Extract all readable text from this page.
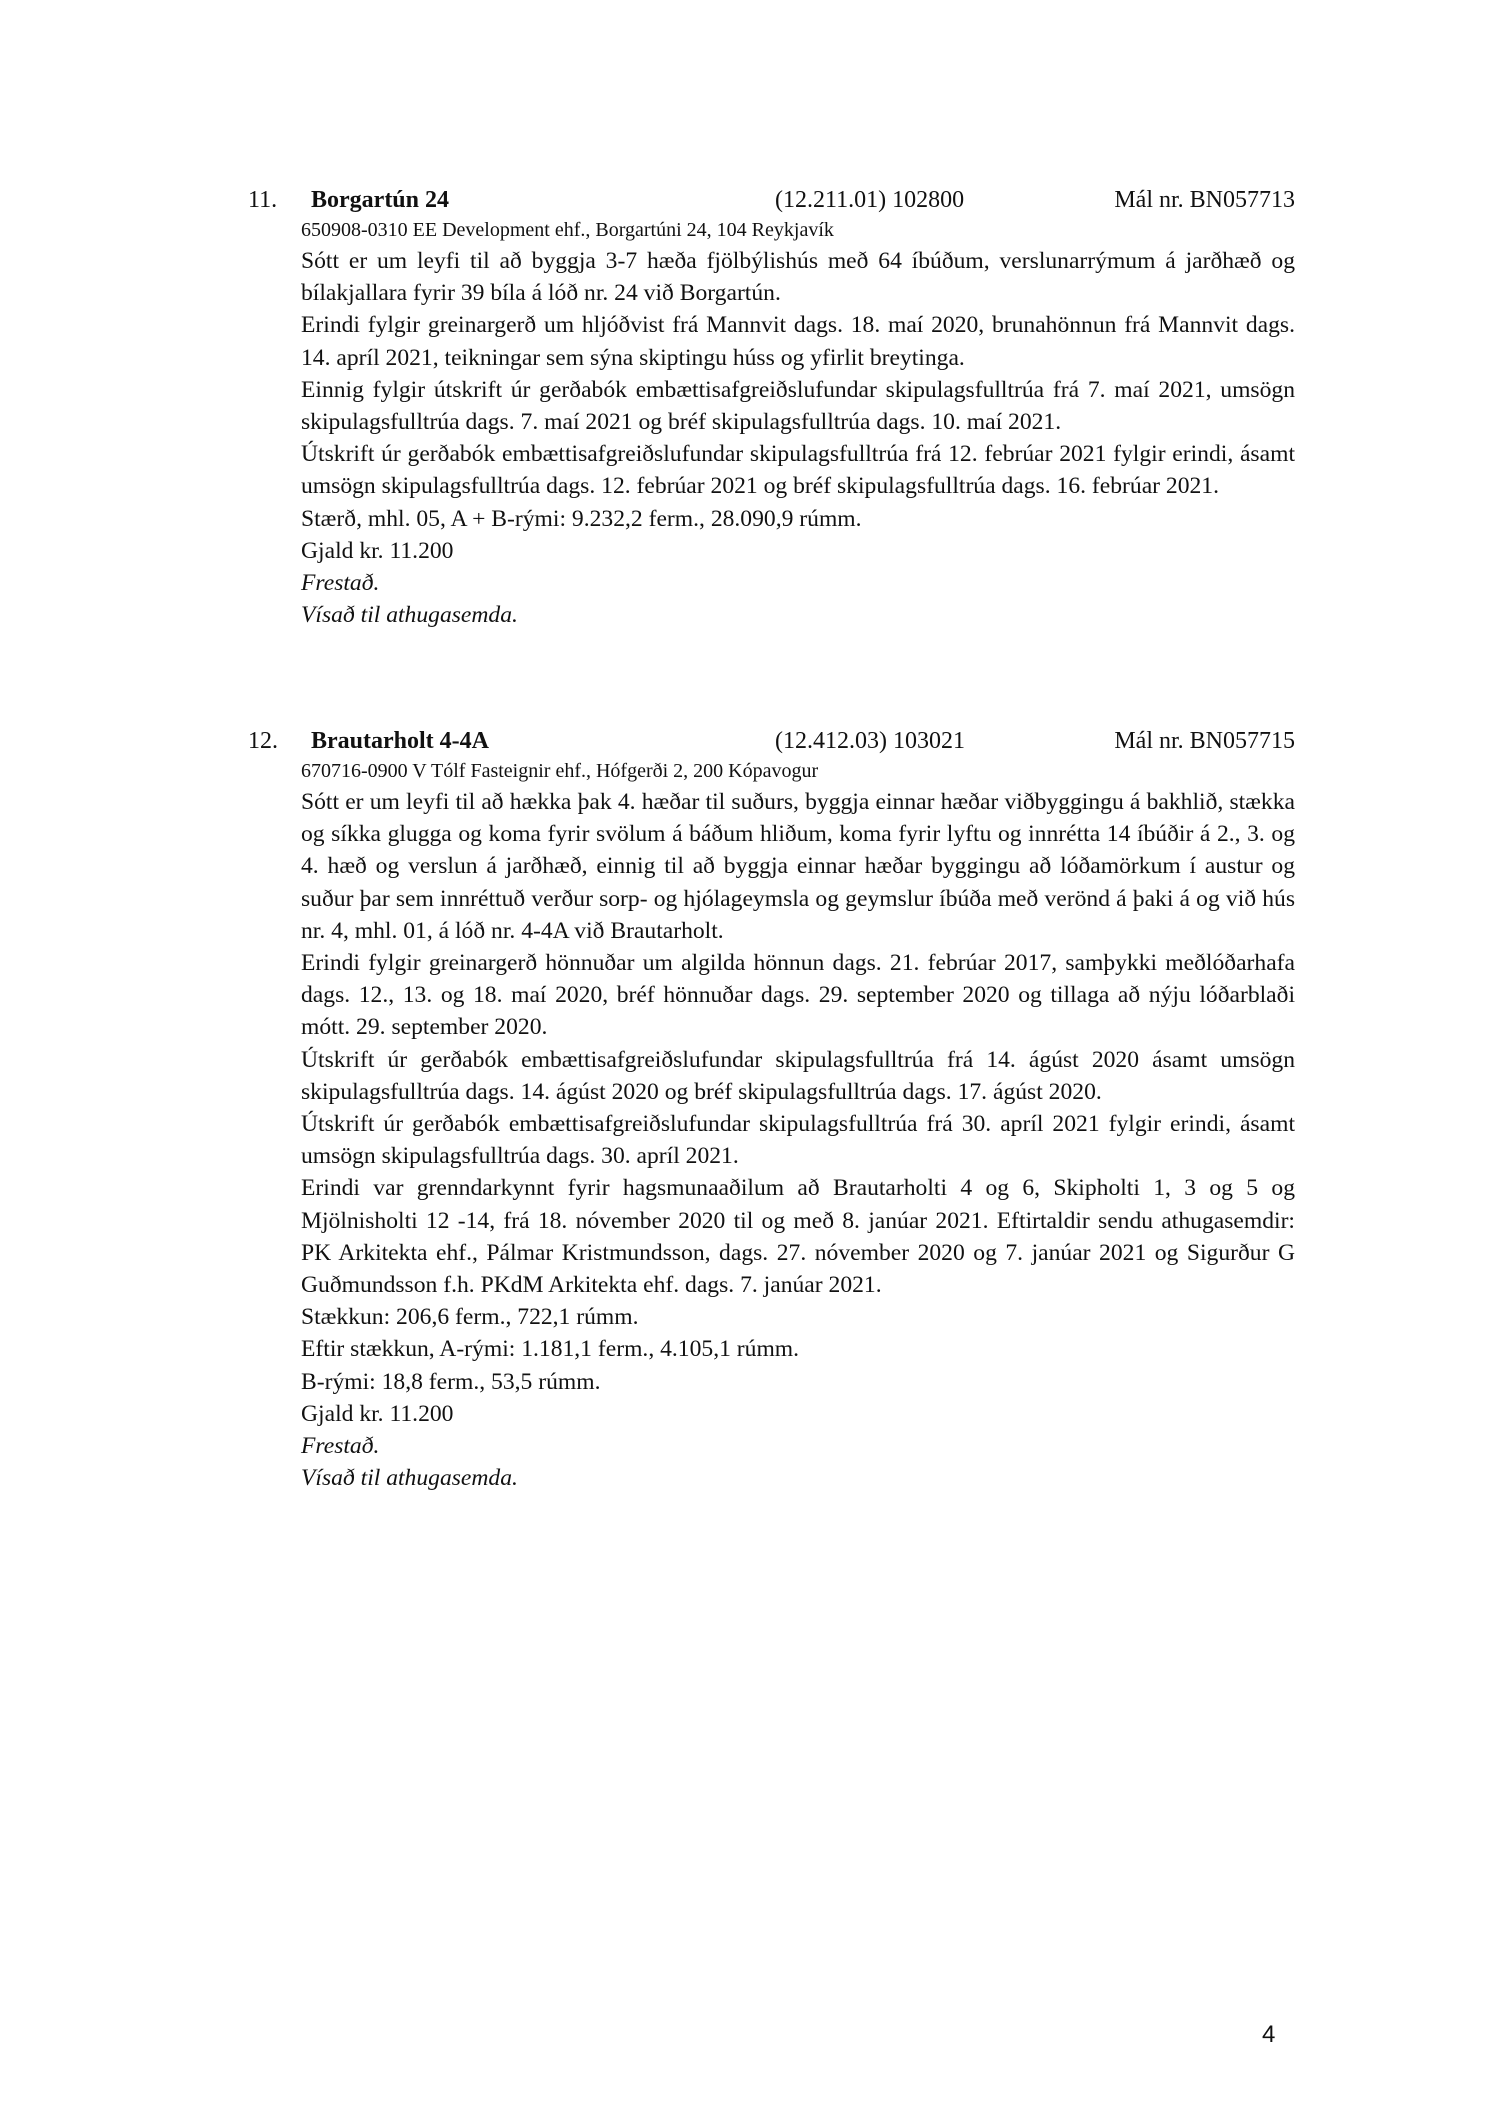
11. Borgartún 24	(12.211.01) 102800	Mál nr. BN057713
650908-0310 EE Development ehf., Borgartúni 24, 104 Reykjavík

Sótt er um leyfi til að byggja 3-7 hæða fjölbýlishús með 64 íbúðum, verslunarrýmum á jarðhæð og bílakjallara fyrir 39 bíla á lóð nr. 24 við Borgartún.

Erindi fylgir greinargerð um hljóðvist frá Mannvit dags. 18. maí 2020, brunahönnun frá Mannvit dags. 14. apríl 2021, teikningar sem sýna skiptingu húss og yfirlit breytinga.

Einnig fylgir útskrift úr gerðabók embættisafgreiðslufundar skipulagsfulltrúa frá 7. maí 2021, umsögn skipulagsfulltrúa dags. 7. maí 2021 og bréf skipulagsfulltrúa dags. 10. maí 2021.

Útskrift úr gerðabók embættisafgreiðslufundar skipulagsfulltrúa frá 12. febrúar 2021 fylgir erindi, ásamt umsögn skipulagsfulltrúa dags. 12. febrúar 2021 og bréf skipulagsfulltrúa dags. 16. febrúar 2021.

Stærð, mhl. 05, A + B-rými: 9.232,2 ferm., 28.090,9 rúmm.

Gjald kr. 11.200

Frestað.

Vísað til athugasemda.

12. Brautarholt 4-4A	(12.412.03) 103021	Mál nr. BN057715
670716-0900 V Tólf Fasteignir ehf., Hófgerði 2, 200 Kópavogur

Sótt er um leyfi til að hækka þak 4. hæðar til suðurs, byggja einnar hæðar viðbyggingu á bakhlið, stækka og síkka glugga og koma fyrir svölum á báðum hliðum, koma fyrir lyftu og innrétta 14 íbúðir á 2., 3. og 4. hæð og verslun á jarðhæð, einnig til að byggja einnar hæðar byggingu að lóðamörkum í austur og suður þar sem innréttuð verður sorp- og hjólageymsla og geymslur íbúða með verönd á þaki á og við hús nr. 4, mhl. 01, á lóð nr. 4-4A við Brautarholt.

Erindi fylgir greinargerð hönnuðar um algilda hönnun dags. 21. febrúar 2017, samþykki meðlóðarhafa dags. 12., 13. og 18. maí 2020, bréf hönnuðar dags. 29. september 2020 og tillaga að nýju lóðarblaði mótt. 29. september 2020.

Útskrift úr gerðabók embættisafgreiðslufundar skipulagsfulltrúa frá 14. ágúst 2020 ásamt umsögn skipulagsfulltrúa dags. 14. ágúst 2020 og bréf skipulagsfulltrúa dags. 17. ágúst 2020.

Útskrift úr gerðabók embættisafgreiðslufundar skipulagsfulltrúa frá 30. apríl 2021 fylgir erindi, ásamt umsögn skipulagsfulltrúa dags. 30. apríl 2021.

Erindi var grenndarkynnt fyrir hagsmunaaðilum að Brautarholti 4 og 6, Skipholti 1, 3 og 5 og Mjölnisholti 12 -14, frá 18. nóvember 2020 til og með 8. janúar 2021. Eftirtaldir sendu athugasemdir: PK Arkitekta ehf., Pálmar Kristmundsson, dags. 27. nóvember 2020 og 7. janúar 2021 og Sigurður G Guðmundsson f.h. PKdM Arkitekta ehf. dags. 7. janúar 2021.

Stækkun: 206,6 ferm., 722,1 rúmm.

Eftir stækkun, A-rými: 1.181,1 ferm., 4.105,1 rúmm.

B-rými: 18,8 ferm., 53,5 rúmm.

Gjald kr. 11.200

Frestað.

Vísað til athugasemda.

4
